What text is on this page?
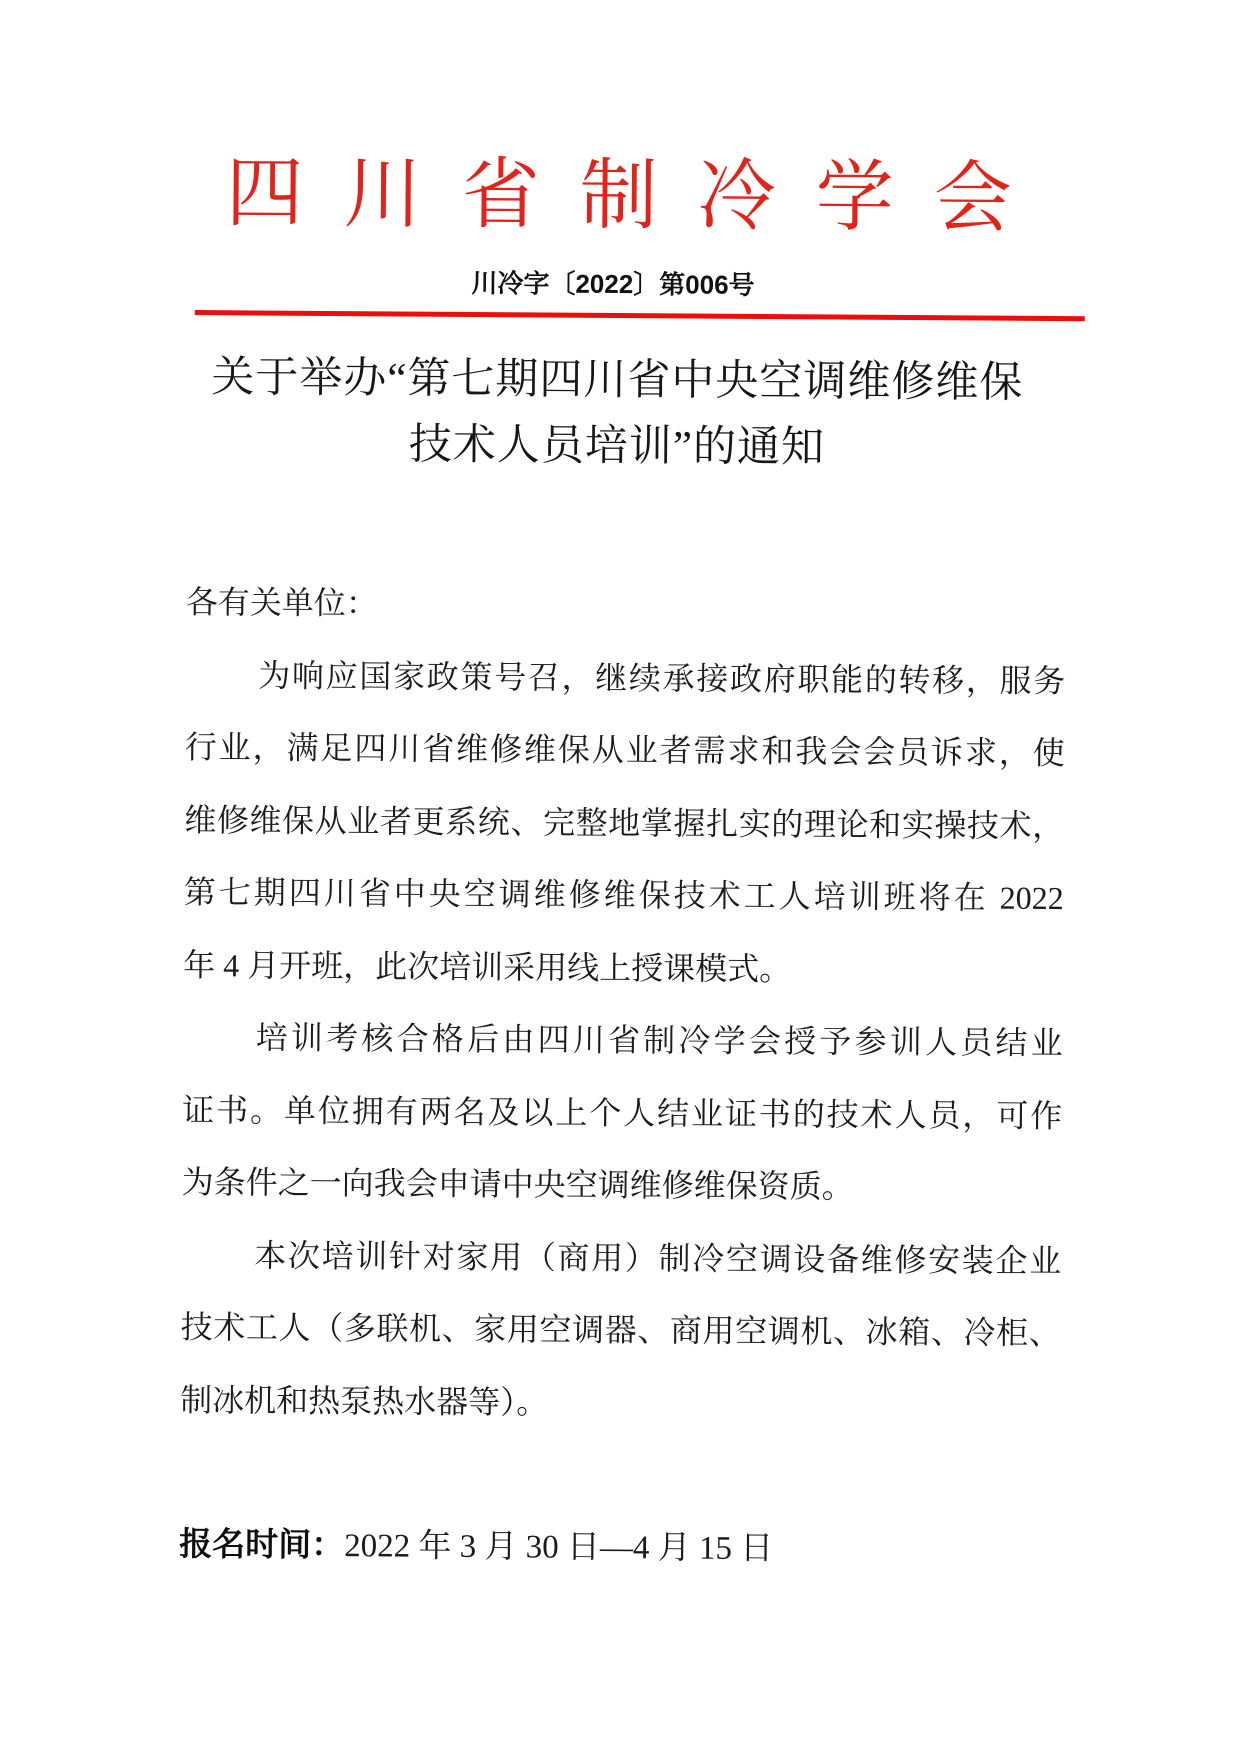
四川省制冷学会
川冷字〔2022〕第006号
关于举办“第七期四川省中央空调维修维保
技术人员培训”的通知
各有关单位：
为响应国家政策号召，继续承接政府职能的转移，服务
行业，满足四川省维修维保从业者需求和我会会员诉求，使
维修维保从业者更系统、完整地掌握扎实的理论和实操技术，
第七期四川省中央空调维修维保技术工人培训班将在 2022
年 4 月开班，此次培训采用线上授课模式。
培训考核合格后由四川省制冷学会授予参训人员结业
证书。单位拥有两名及以上个人结业证书的技术人员，可作
为条件之一向我会申请中央空调维修维保资质。
本次培训针对家用（商用）制冷空调设备维修安装企业
技术工人（多联机、家用空调器、商用空调机、冰箱、冷柜、
制冰机和热泵热水器等）。
报名时间：2022 年 3 月 30 日—4 月 15 日
